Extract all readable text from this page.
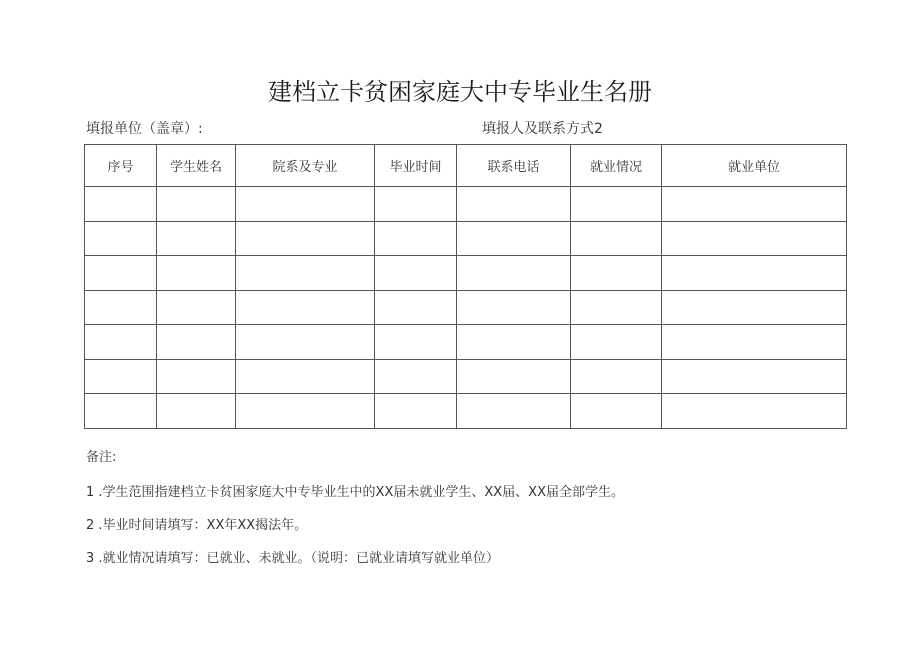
建档立卡贫困家庭大中专毕业生名册
填报单位（盖章）:	填报人及联系方式2
序号	学生姓名	院系及专业	毕业时间	联系电话	就业情况	就业单位

备注:
1 .学生范围指建档立卡贫困家庭大中专毕业生中的XX届未就业学生、XX届、XX届全部学生。
2 .毕业时间请填写：XX年XX揭法年。
3 .就业情况请填写：已就业、未就业。（说明：已就业请填写就业单位）
